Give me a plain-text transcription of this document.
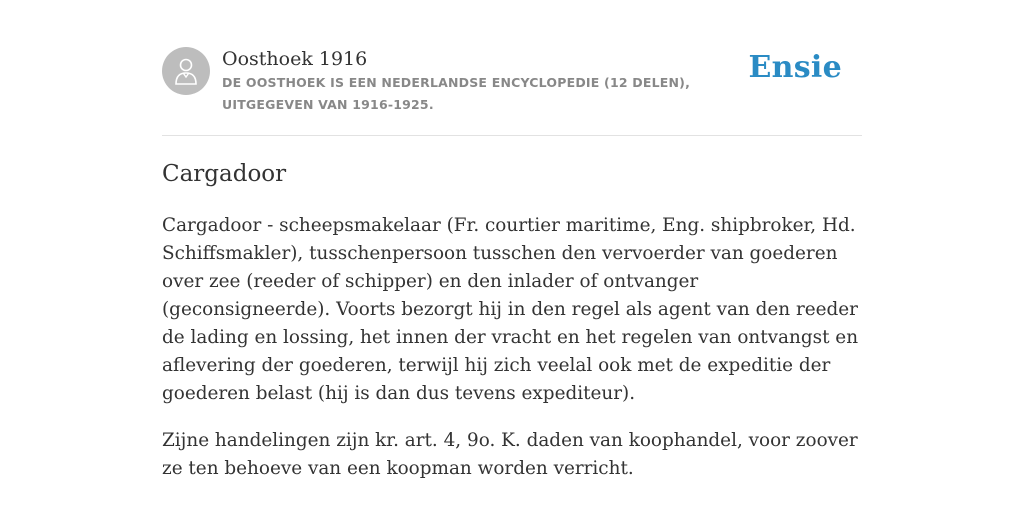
Oosthoek 1916
DE OOSTHOEK IS EEN NEDERLANDSE ENCYCLOPEDIE (12 DELEN), UITGEGEVEN VAN 1916-1925.
Ensie
Cargadoor

Cargadoor - scheepsmakelaar (Fr. courtier maritime, Eng. shipbroker, Hd. Schiffsmakler), tusschenpersoon tusschen den vervoerder van goederen over zee (reeder of schipper) en den inlader of ontvanger (geconsigneerde). Voorts bezorgt hij in den regel als agent van den reeder de lading en lossing, het innen der vracht en het regelen van ontvangst en aflevering der goederen, terwijl hij zich veelal ook met de expeditie der goederen belast (hij is dan dus tevens expediteur).

Zijne handelingen zijn kr. art. 4, 9o. K. daden van koophandel, voor zoover ze ten behoeve van een koopman worden verricht.
